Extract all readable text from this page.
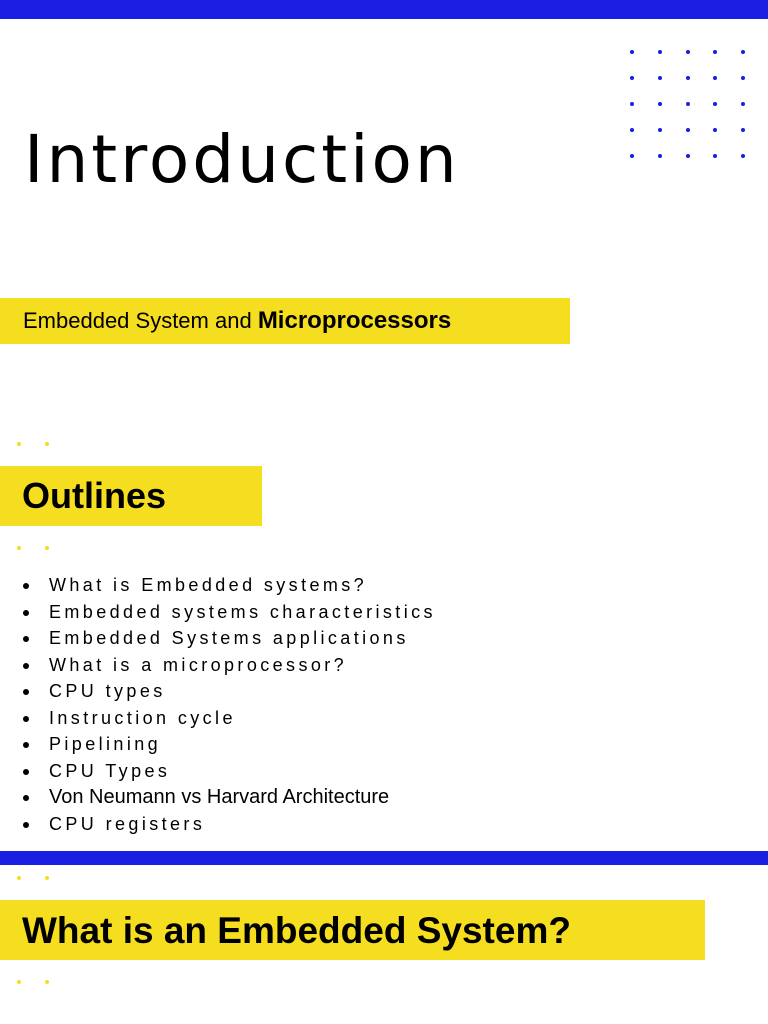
Introduction
Embedded System and Microprocessors
Outlines
What is Embedded systems?
Embedded systems characteristics
Embedded Systems applications
What is a microprocessor?
CPU types
Instruction cycle
Pipelining
CPU Types
Von Neumann vs Harvard Architecture
CPU registers
What is an Embedded System?
